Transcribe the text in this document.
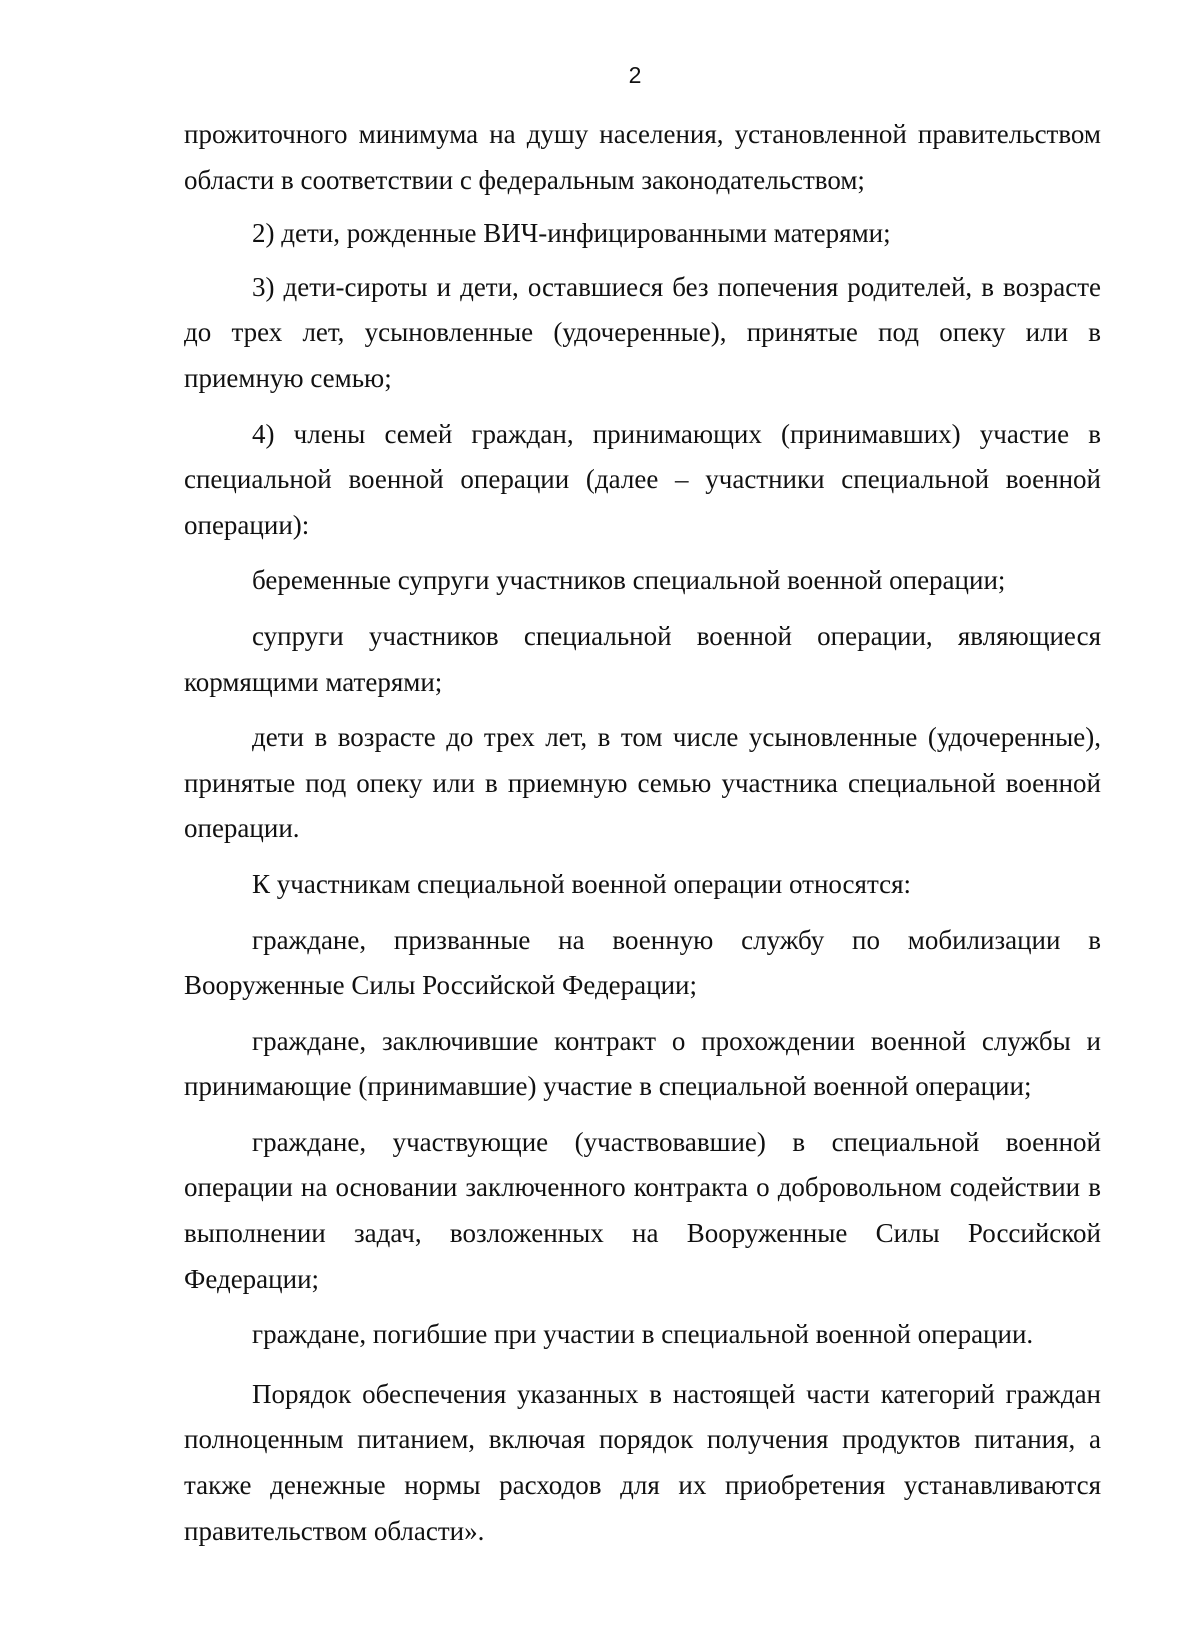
2

прожиточного минимума на душу населения, установленной правительством области в соответствии с федеральным законодательством;

2) дети, рожденные ВИЧ-инфицированными матерями;

3) дети-сироты и дети, оставшиеся без попечения родителей, в возрасте до трех лет, усыновленные (удочеренные), принятые под опеку или в приемную семью;

4) члены семей граждан, принимающих (принимавших) участие в специальной военной операции (далее – участники специальной военной операции):

беременные супруги участников специальной военной операции;

супруги участников специальной военной операции, являющиеся кормящими матерями;

дети в возрасте до трех лет, в том числе усыновленные (удочеренные), принятые под опеку или в приемную семью участника специальной военной операции.

К участникам специальной военной операции относятся:

граждане, призванные на военную службу по мобилизации в Вооруженные Силы Российской Федерации;

граждане, заключившие контракт о прохождении военной службы и принимающие (принимавшие) участие в специальной военной операции;

граждане, участвующие (участвовавшие) в специальной военной операции на основании заключенного контракта о добровольном содействии в выполнении задач, возложенных на Вооруженные Силы Российской Федерации;

граждане, погибшие при участии в специальной военной операции.

Порядок обеспечения указанных в настоящей части категорий граждан полноценным питанием, включая порядок получения продуктов питания, а также денежные нормы расходов для их приобретения устанавливаются правительством области».
